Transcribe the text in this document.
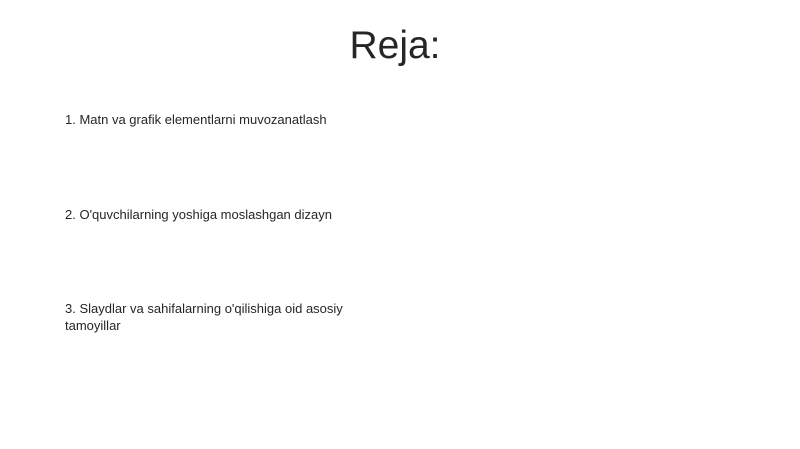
Reja:
1. Matn va grafik elementlarni muvozanatlash
2. O'quvchilarning yoshiga moslashgan dizayn
3. Slaydlar va sahifalarning o'qilishiga oid asosiy tamoyillar
